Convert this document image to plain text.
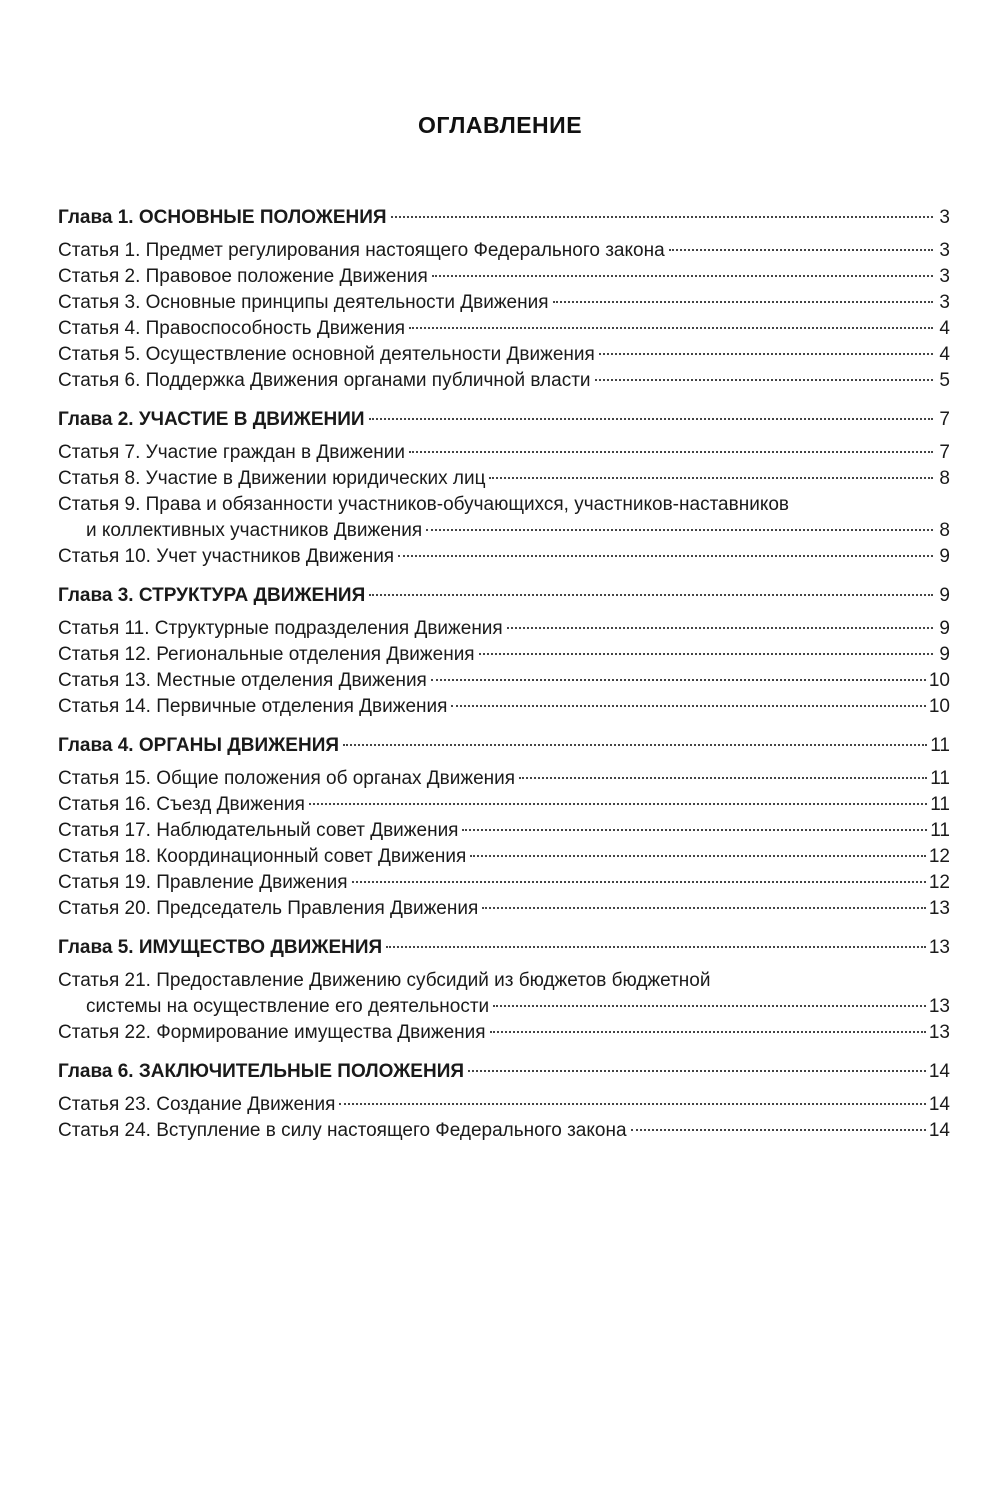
ОГЛАВЛЕНИЕ
Глава 1. ОСНОВНЫЕ ПОЛОЖЕНИЯ	3
Статья 1. Предмет регулирования настоящего Федерального закона	3
Статья 2. Правовое положение Движения	3
Статья 3. Основные принципы деятельности Движения	3
Статья 4. Правоспособность Движения	4
Статья 5. Осуществление основной деятельности Движения	4
Статья 6. Поддержка Движения органами публичной власти	5
Глава 2. УЧАСТИЕ В ДВИЖЕНИИ	7
Статья 7. Участие граждан в Движении	7
Статья 8. Участие в Движении юридических лиц	8
Статья 9. Права и обязанности участников-обучающихся, участников-наставников
и коллективных участников Движения	8
Статья 10. Учет участников Движения	9
Глава 3. СТРУКТУРА ДВИЖЕНИЯ	9
Статья 11. Структурные подразделения Движения	9
Статья 12. Региональные отделения Движения	9
Статья 13. Местные отделения Движения	10
Статья 14. Первичные отделения Движения	10
Глава 4. ОРГАНЫ ДВИЖЕНИЯ	11
Статья 15. Общие положения об органах Движения	11
Статья 16. Съезд Движения	11
Статья 17. Наблюдательный совет Движения	11
Статья 18. Координационный совет Движения	12
Статья 19. Правление Движения	12
Статья 20. Председатель Правления Движения	13
Глава 5. ИМУЩЕСТВО ДВИЖЕНИЯ	13
Статья 21. Предоставление Движению субсидий из бюджетов бюджетной
системы на осуществление его деятельности	13
Статья 22. Формирование имущества Движения	13
Глава 6. ЗАКЛЮЧИТЕЛЬНЫЕ ПОЛОЖЕНИЯ	14
Статья 23. Создание Движения	14
Статья 24. Вступление в силу настоящего Федерального закона	14
